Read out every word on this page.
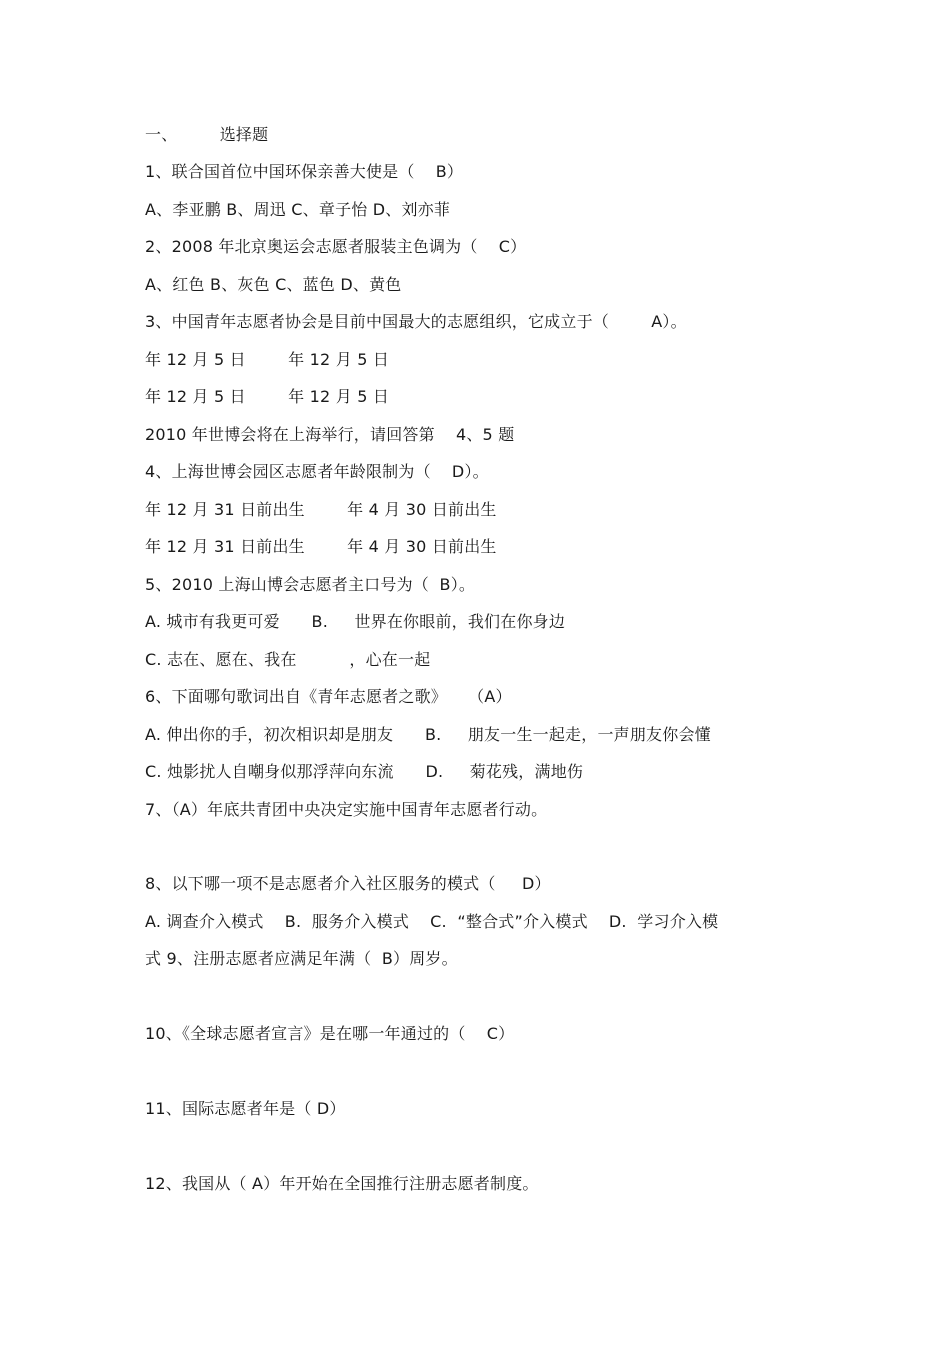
一、        选择题
1、联合国首位中国环保亲善大使是（    B）
A、李亚鹏 B、周迅 C、章子怡 D、刘亦菲
2、2008 年北京奥运会志愿者服装主色调为（    C）
A、红色 B、灰色 C、蓝色 D、黄色
3、中国青年志愿者协会是目前中国最大的志愿组织，它成立于（        A）。
年 12 月 5 日        年 12 月 5 日
年 12 月 5 日        年 12 月 5 日
2010 年世博会将在上海举行，请回答第    4、5 题
4、上海世博会园区志愿者年龄限制为（    D）。
年 12 月 31 日前出生        年 4 月 30 日前出生
年 12 月 31 日前出生        年 4 月 30 日前出生
5、2010 上海山博会志愿者主口号为（  B）。
A. 城市有我更可爱      B.     世界在你眼前，我们在你身边
C. 志在、愿在、我在          ，心在一起
6、下面哪句歌词出自《青年志愿者之歌》    （A）
A. 伸出你的手，初次相识却是朋友      B.     朋友一生一起走，一声朋友你会懂
C. 烛影扰人自嘲身似那浮萍向东流      D.     菊花残，满地伤
7、（A）年底共青团中央决定实施中国青年志愿者行动。
8、以下哪一项不是志愿者介入社区服务的模式（     D）
A. 调查介入模式    B.  服务介入模式    C.  “整合式”介入模式    D.  学习介入模
式 9、注册志愿者应满足年满（  B）周岁。
10、《全球志愿者宣言》是在哪一年通过的（    C）
11、国际志愿者年是（ D）
12、我国从（ A）年开始在全国推行注册志愿者制度。
